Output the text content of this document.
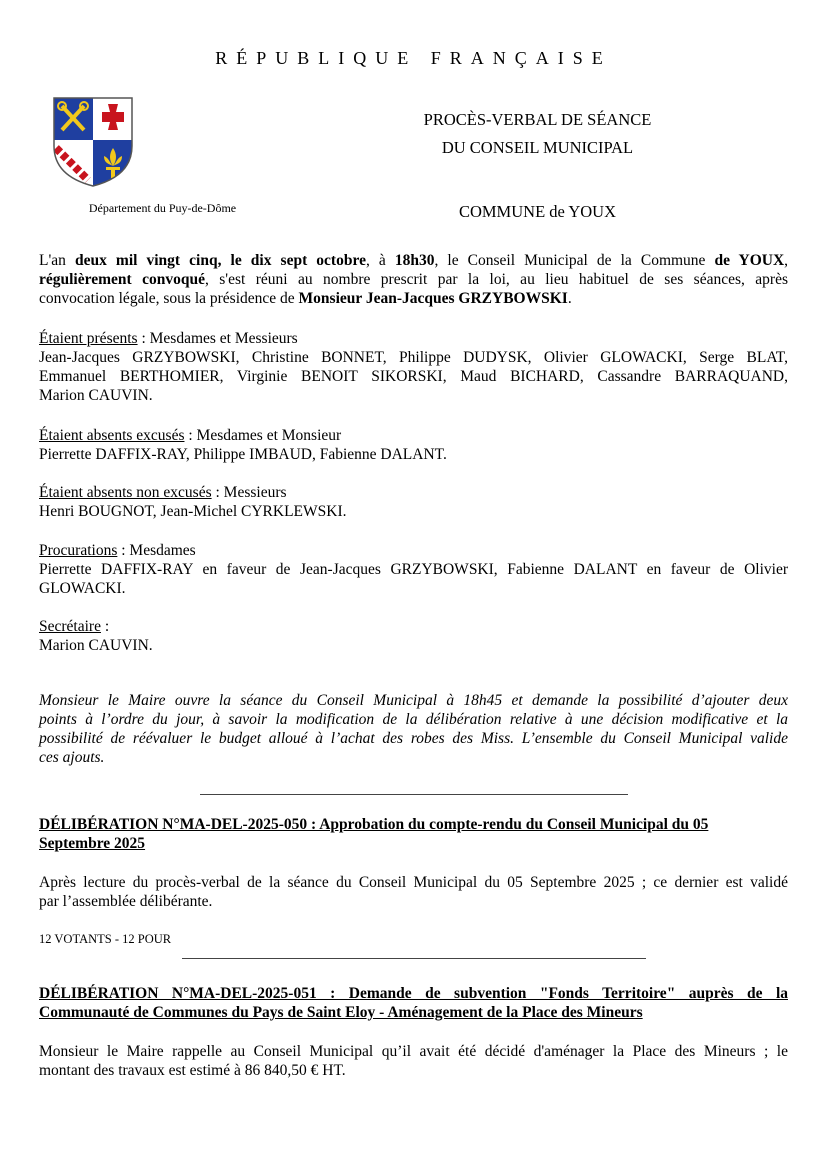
RÉPUBLIQUE FRANÇAISE
Département du Puy-de-Dôme
PROCÈS-VERBAL DE SÉANCE
DU CONSEIL MUNICIPAL
COMMUNE de YOUX
L'an deux mil vingt cinq, le dix sept octobre, à 18h30, le Conseil Municipal de la Commune de YOUX,
régulièrement convoqué, s'est réuni au nombre prescrit par la loi, au lieu habituel de ses séances, après
convocation légale, sous la présidence de Monsieur Jean-Jacques GRZYBOWSKI.
Étaient présents : Mesdames et Messieurs
Jean-Jacques GRZYBOWSKI, Christine BONNET, Philippe DUDYSK, Olivier GLOWACKI, Serge BLAT,
Emmanuel BERTHOMIER, Virginie BENOIT SIKORSKI, Maud BICHARD, Cassandre BARRAQUAND,
Marion CAUVIN.
Étaient absents excusés : Mesdames et Monsieur
Pierrette DAFFIX-RAY, Philippe IMBAUD, Fabienne DALANT.
Étaient absents non excusés : Messieurs
Henri BOUGNOT, Jean-Michel CYRKLEWSKI.
Procurations : Mesdames
Pierrette DAFFIX-RAY en faveur de Jean-Jacques GRZYBOWSKI, Fabienne DALANT en faveur de Olivier
GLOWACKI.
Secrétaire :
Marion CAUVIN.
Monsieur le Maire ouvre la séance du Conseil Municipal à 18h45 et demande la possibilité d’ajouter deux
points à l’ordre du jour, à savoir la modification de la délibération relative à une décision modificative et la
possibilité de réévaluer le budget alloué à l’achat des robes des Miss. L’ensemble du Conseil Municipal valide
ces ajouts.
DÉLIBÉRATION N°MA-DEL-2025-050 : Approbation du compte-rendu du Conseil Municipal du 05
Septembre 2025
Après lecture du procès-verbal de la séance du Conseil Municipal du 05 Septembre 2025 ; ce dernier est validé
par l’assemblée délibérante.
12 VOTANTS - 12 POUR
DÉLIBÉRATION N°MA-DEL-2025-051 : Demande de subvention "Fonds Territoire" auprès de la
Communauté de Communes du Pays de Saint Eloy - Aménagement de la Place des Mineurs
Monsieur le Maire rappelle au Conseil Municipal qu’il avait été décidé d'aménager la Place des Mineurs ; le
montant des travaux est estimé à 86 840,50 € HT.
